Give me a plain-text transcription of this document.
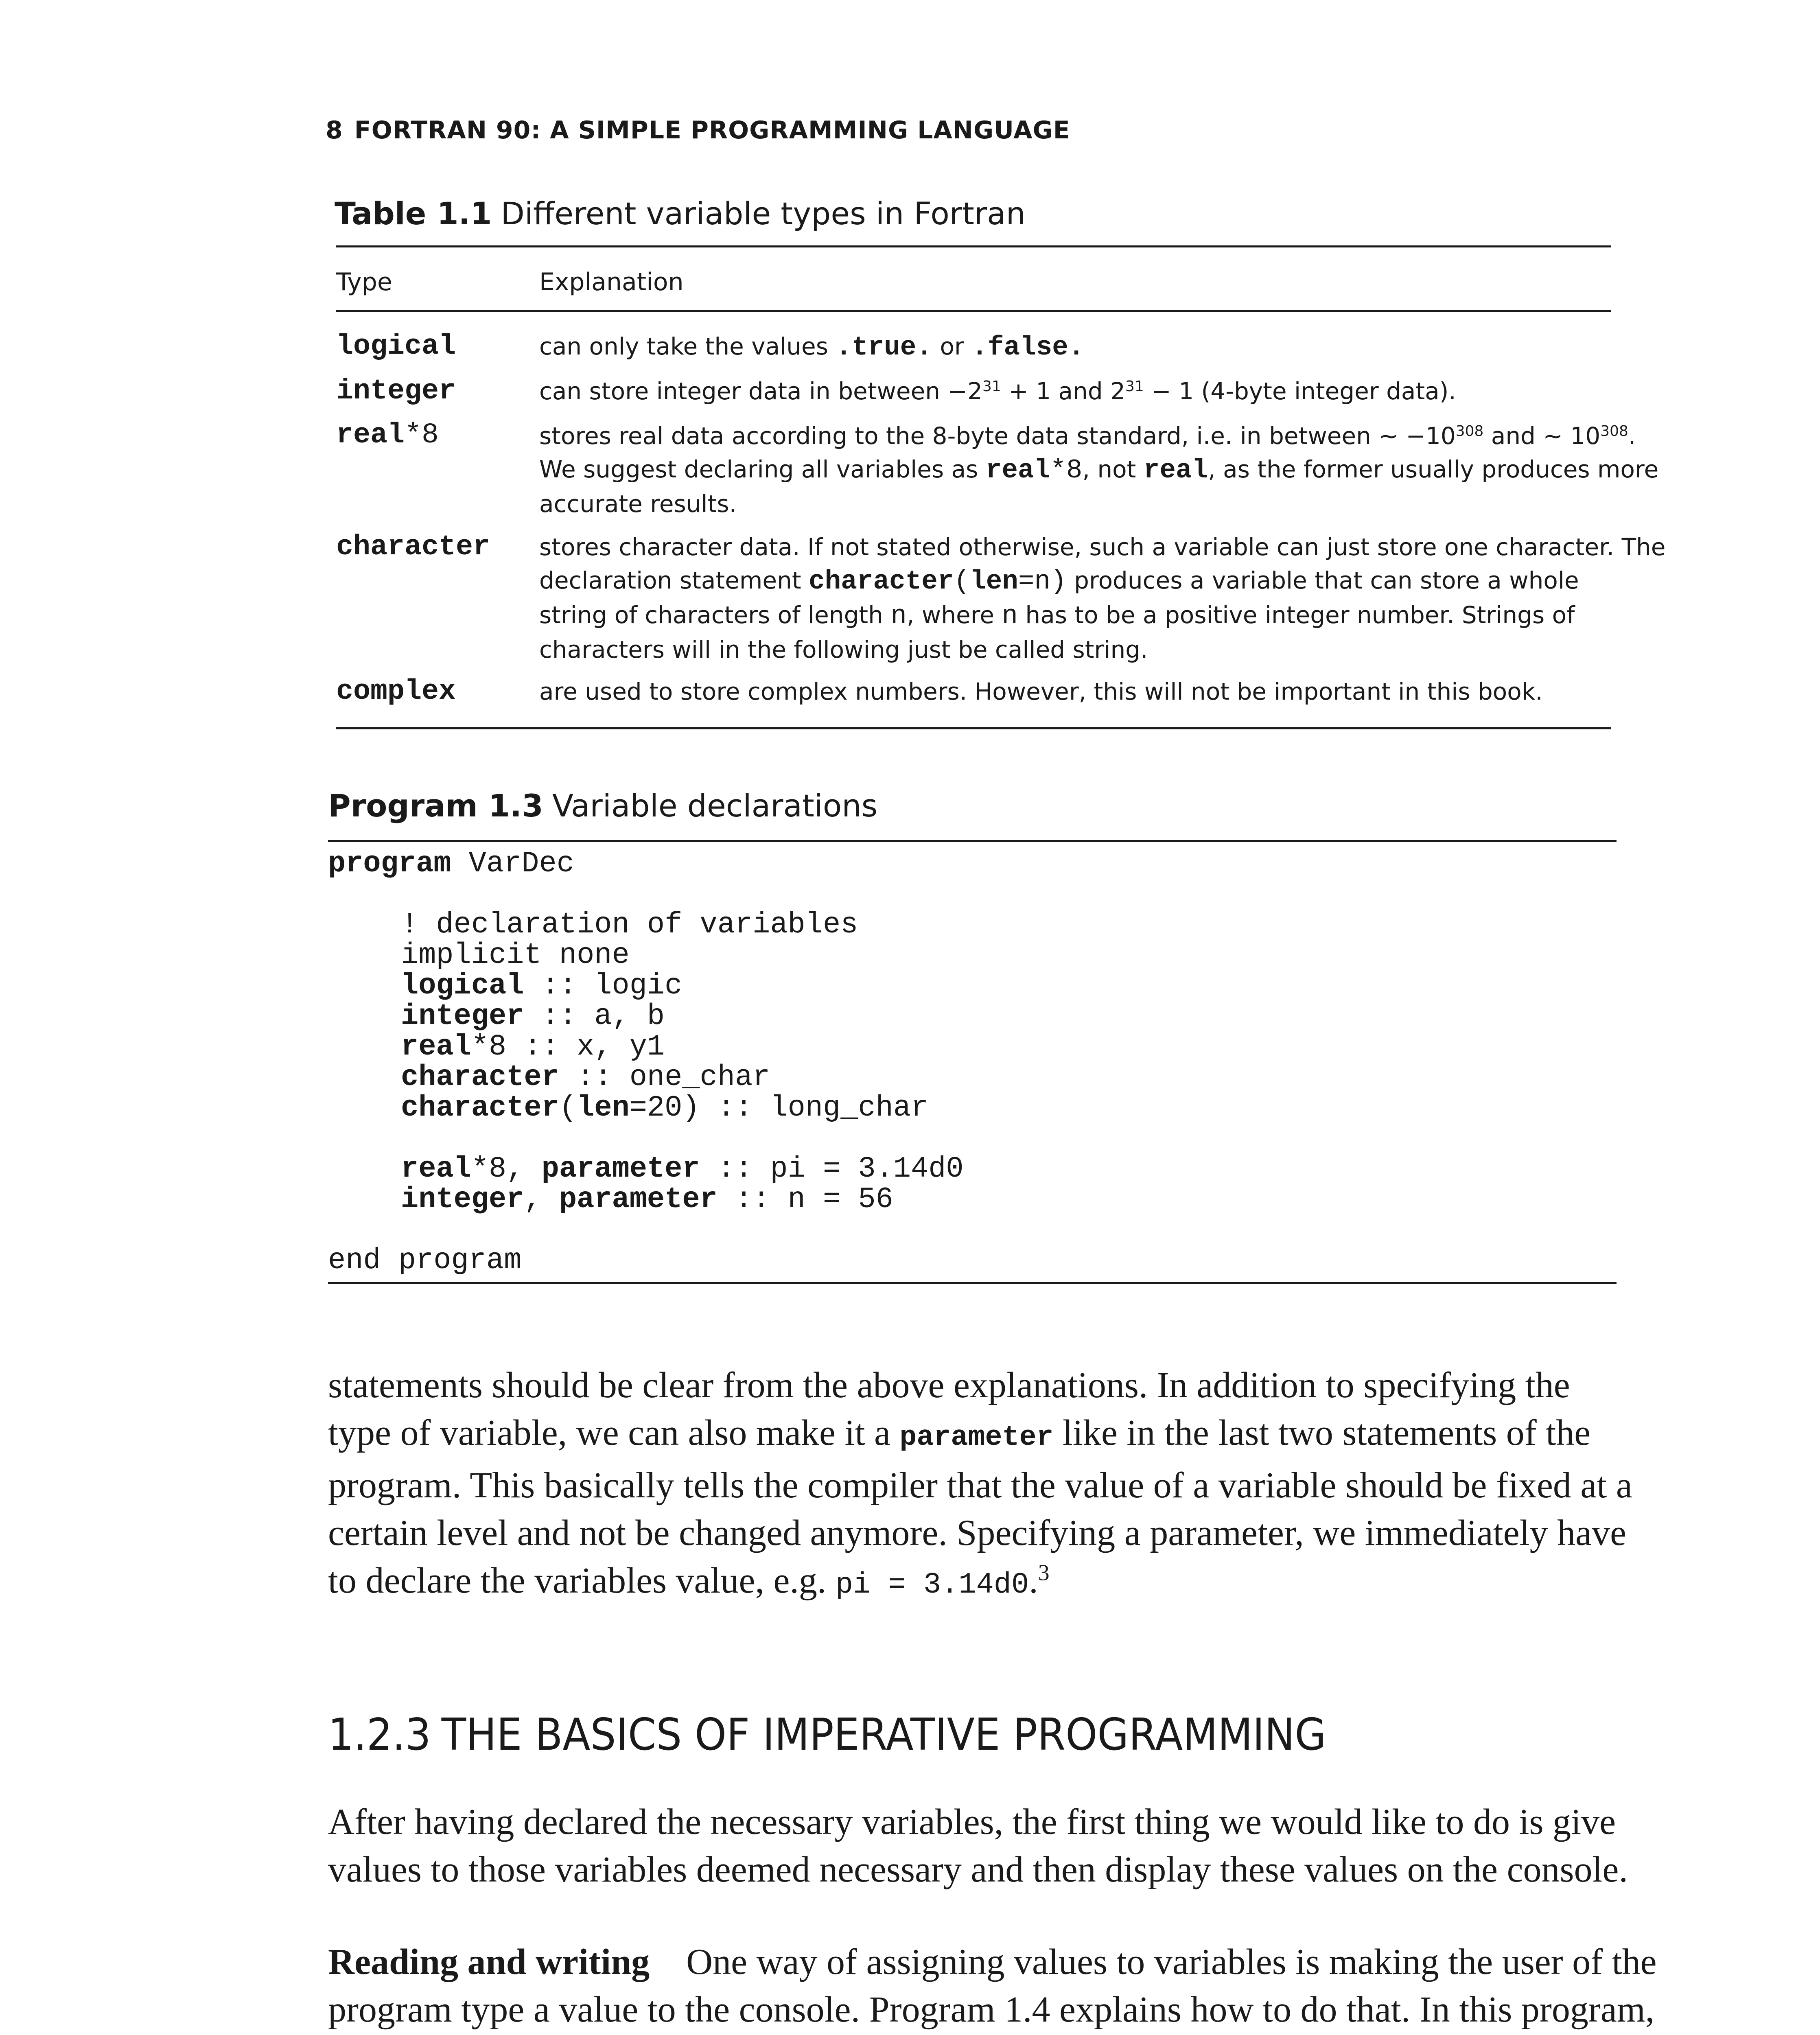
8 FORTRAN 90: A SIMPLE PROGRAMMING LANGUAGE
Table 1.1 Different variable types in Fortran
Type	Explanation
logical	can only take the values .true. or .false.
integer	can store integer data in between $-2^{31} + 1$ and $2^{31} - 1$ (4-byte integer data).
real*8	stores real data according to the 8-byte data standard, i.e. in between ∼ $-10^{308}$ and ∼ $10^{308}$.
We suggest declaring all variables as real*8, not real, as the former usually produces more
accurate results.
character stores character data. If not stated otherwise, such a variable can just store one character. The
declaration statement character(len=n) produces a variable that can store a whole
string of characters of length n, where n has to be a positive integer number. Strings of
characters will in the following just be called string.
complex	are used to store complex numbers. However, this will not be important in this book.
Program 1.3 Variable declarations
program VarDec
! declaration of variables
implicit none
logical :: logic
integer :: a, b
real*8 :: x, y1
character :: one_char
character(len=20) :: long_char
real*8, parameter :: pi = 3.14d0
integer, parameter :: n = 56
end program
statements should be clear from the above explanations. In addition to specifying the
type of variable, we can also make it a parameter like in the last two statements of the
program. This basically tells the compiler that the value of a variable should be fixed at a
certain level and not be changed anymore. Specifying a parameter, we immediately have
to declare the variables value, e.g. pi = 3.14d0.$^3$
1.2.3 THE BASICS OF IMPERATIVE PROGRAMMING
After having declared the necessary variables, the first thing we would like to do is give
values to those variables deemed necessary and then display these values on the console.
Reading and writing   One way of assigning values to variables is making the user of the
program type a value to the console. Program 1.4 explains how to do that. In this program,
